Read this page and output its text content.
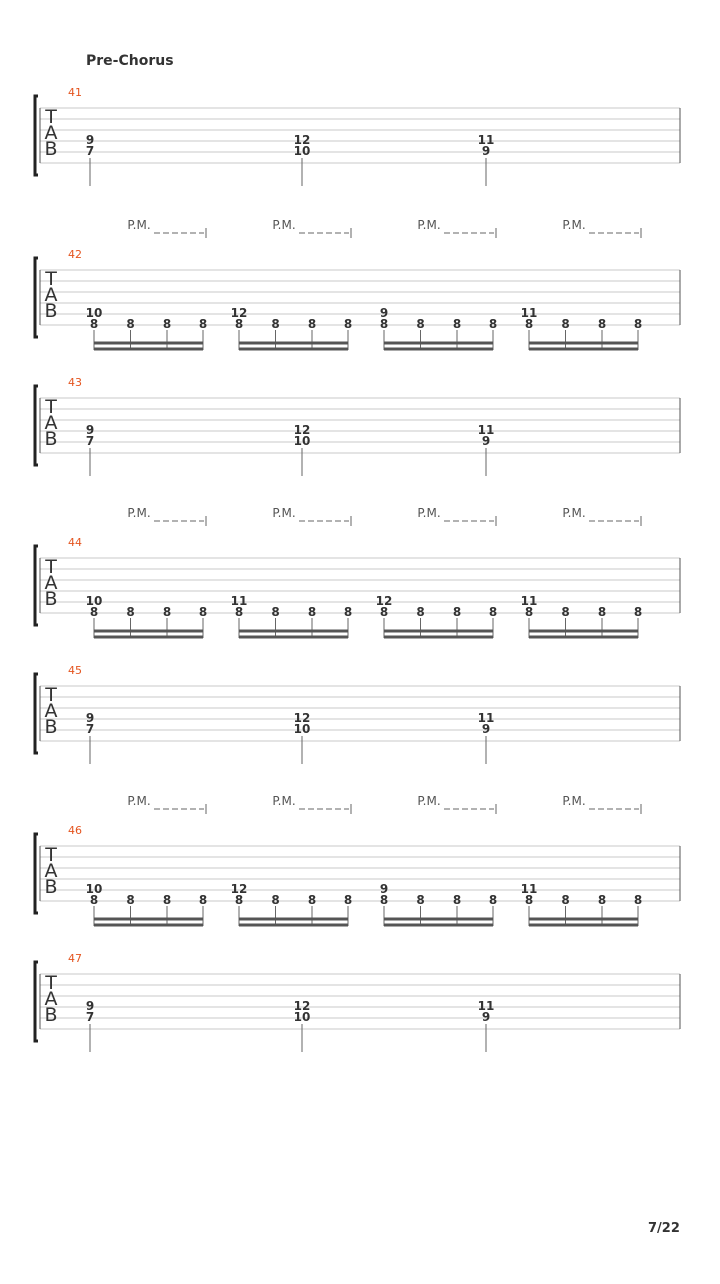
Pre-Chorus
T
A
B
41
9
7
12
10
11
9
T
A
B
42
P.M.
10
8 8 8 8
P.M.
12
8 8 8 8
P.M.
9
8 8 8 8
P.M.
11
8 8 8 8
T
A
B
43
9
7
12
10
11
9
T
A
B
44
P.M.
10
8 8 8 8
P.M.
11
8 8 8 8
P.M.
12
8 8 8 8
P.M.
11
8 8 8 8
T
A
B
45
9
7
12
10
11
9
T
A
B
46
P.M.
10
8 8 8 8
P.M.
12
8 8 8 8
P.M.
9
8 8 8 8
P.M.
11
8 8 8 8
T
A
B
47
9
7
12
10
11
9
7/22
